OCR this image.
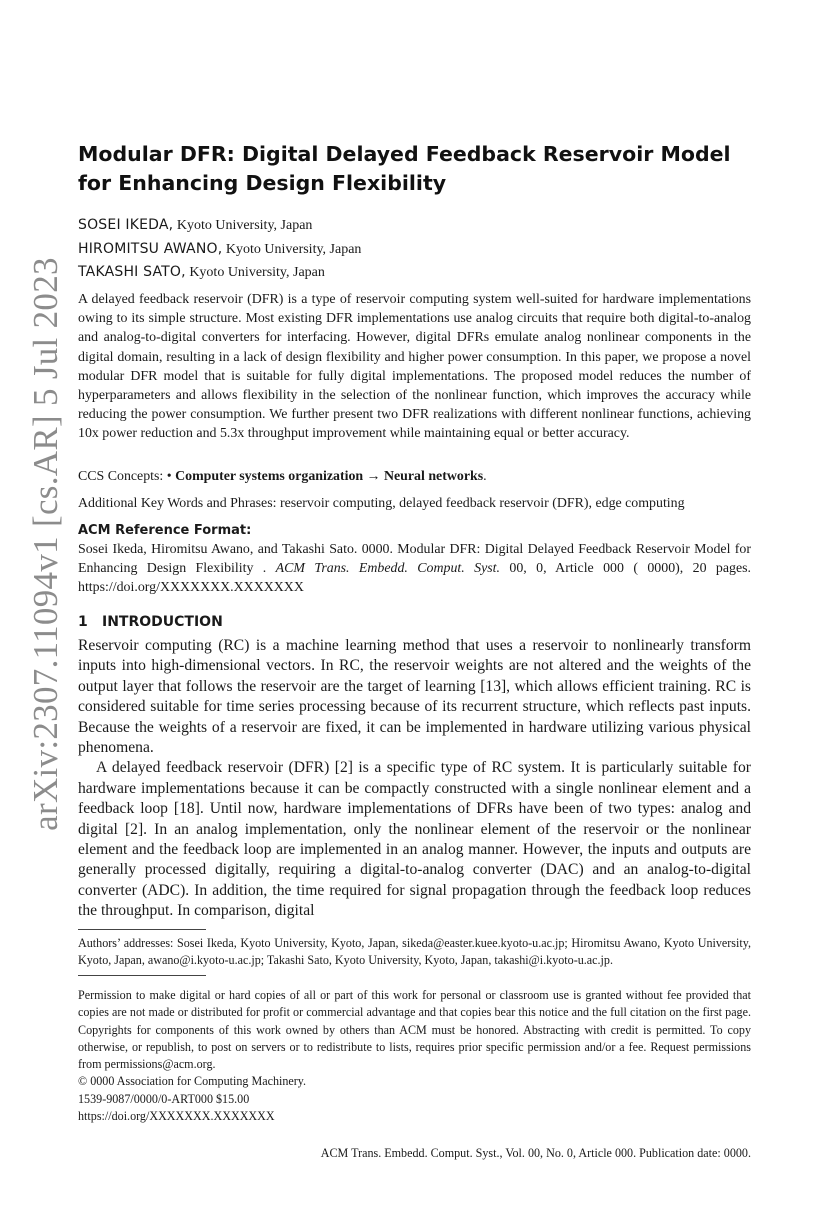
arXiv:2307.11094v1 [cs.AR] 5 Jul 2023
Modular DFR: Digital Delayed Feedback Reservoir Model for Enhancing Design Flexibility
SOSEI IKEDA, Kyoto University, Japan
HIROMITSU AWANO, Kyoto University, Japan
TAKASHI SATO, Kyoto University, Japan

A delayed feedback reservoir (DFR) is a type of reservoir computing system well-suited for hardware implementations owing to its simple structure. Most existing DFR implementations use analog circuits that require both digital-to-analog and analog-to-digital converters for interfacing. However, digital DFRs emulate analog nonlinear components in the digital domain, resulting in a lack of design flexibility and higher power consumption. In this paper, we propose a novel modular DFR model that is suitable for fully digital implementations. The proposed model reduces the number of hyperparameters and allows flexibility in the selection of the nonlinear function, which improves the accuracy while reducing the power consumption. We further present two DFR realizations with different nonlinear functions, achieving 10x power reduction and 5.3x throughput improvement while maintaining equal or better accuracy.

CCS Concepts: • Computer systems organization → Neural networks.

Additional Key Words and Phrases: reservoir computing, delayed feedback reservoir (DFR), edge computing

ACM Reference Format:

Sosei Ikeda, Hiromitsu Awano, and Takashi Sato. 0000. Modular DFR: Digital Delayed Feedback Reservoir Model for Enhancing Design Flexibility . ACM Trans. Embedd. Comput. Syst. 00, 0, Article 000 ( 0000), 20 pages. https://doi.org/XXXXXXX.XXXXXXX

1 INTRODUCTION

Reservoir computing (RC) is a machine learning method that uses a reservoir to nonlinearly transform inputs into high-dimensional vectors. In RC, the reservoir weights are not altered and the weights of the output layer that follows the reservoir are the target of learning [13], which allows efficient training. RC is considered suitable for time series processing because of its recurrent structure, which reflects past inputs. Because the weights of a reservoir are fixed, it can be implemented in hardware utilizing various physical phenomena.

A delayed feedback reservoir (DFR) [2] is a specific type of RC system. It is particularly suitable for hardware implementations because it can be compactly constructed with a single nonlinear element and a feedback loop [18]. Until now, hardware implementations of DFRs have been of two types: analog and digital [2]. In an analog implementation, only the nonlinear element of the reservoir or the nonlinear element and the feedback loop are implemented in an analog manner. However, the inputs and outputs are generally processed digitally, requiring a digital-to-analog converter (DAC) and an analog-to-digital converter (ADC). In addition, the time required for signal propagation through the feedback loop reduces the throughput. In comparison, digital

Authors’ addresses: Sosei Ikeda, Kyoto University, Kyoto, Japan, sikeda@easter.kuee.kyoto-u.ac.jp; Hiromitsu Awano, Kyoto University, Kyoto, Japan, awano@i.kyoto-u.ac.jp; Takashi Sato, Kyoto University, Kyoto, Japan, takashi@i.kyoto-u.ac.jp.

Permission to make digital or hard copies of all or part of this work for personal or classroom use is granted without fee provided that copies are not made or distributed for profit or commercial advantage and that copies bear this notice and the full citation on the first page. Copyrights for components of this work owned by others than ACM must be honored. Abstracting with credit is permitted. To copy otherwise, or republish, to post on servers or to redistribute to lists, requires prior specific permission and/or a fee. Request permissions from permissions@acm.org.

© 0000 Association for Computing Machinery.

1539-9087/0000/0-ART000 $15.00

https://doi.org/XXXXXXX.XXXXXXX

ACM Trans. Embedd. Comput. Syst., Vol. 00, No. 0, Article 000. Publication date: 0000.
